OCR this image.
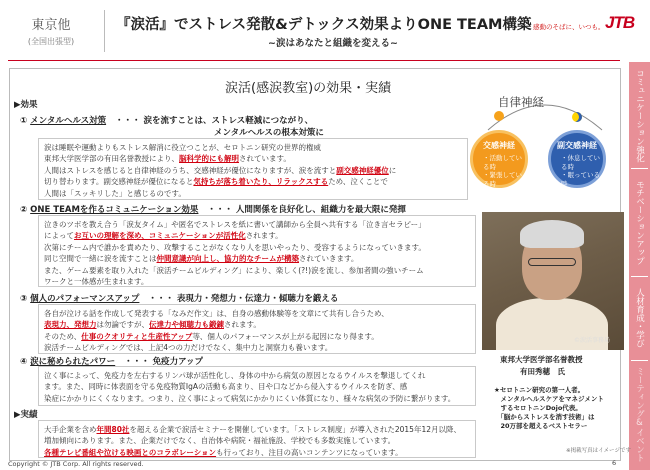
東京他
(全国出張型)
『涙活』でストレス発散&デトックス効果よりONE TEAM構築
~涙はあなたと組織を変える~
感動のそばに、いつも。 JTB
コミュニケーション強化
モチベーションアップ
人材育成・学び
ミーティング&イベント
涙活(感涙教室)の効果・実績
▶効果
① メンタルヘルス対策 ・・・ 涙を流すことは、ストレス軽減につながり、
メンタルヘルスの根本対策に

涙は睡眠や運動よりもストレス解消に役立つことが、セロトニン研究の世界的権威

東邦大学医学部の有田名誉教授により、脳科学的にも解明されています。

人間はストレスを感じると自律神経のうち、交感神経が優位になりますが、涙を流すと副交感神経優位に

切り替わります。副交感神経が優位になると気持ちが落ち着いたり、リラックスするため、泣くことで

人間は「スッキリした」と感じるのです。

② ONE TEAMを作るコミュニケーション効果 ・・・ 人間関係を良好化し、組織力を最大限に発揮

泣きのツボを教え合う「涙友タイム」や匿名でストレスを紙に書いて講師から全員へ共有する「泣き言セラピー」

によってお互いの理解を深め、コミュニケーションが活性化されます。

次第にチーム内で誰かを責めたり、攻撃することがなくなり人を思いやったり、受容するようになっていきます。

同じ空間で一緒に涙を流すことは仲間意識が向上し、協力的なチームが構築されていきます。

また、ゲーム要素を取り入れた「涙活チームビルディング」により、楽しく(?!)涙を流し、参加者間の強いチーム

ワークと一体感が生まれます。

③ 個人のパフォーマンスアップ ・・・ 表現力・発想力・伝達力・傾聴力を鍛える

各自が泣ける話を作成して発表する「なみだ作文」は、自身の感動体験等を文章にて共有し合うため、

表現力、発想力は勿論ですが、伝達力や傾聴力も鍛錬されます。

そのため、仕事のクオリティと生産性アップ等、個人のパフォーマンスが上がる起因になり得ます。

涙活チームビルディングでは、上記4つの力だけでなく、集中力と洞察力も養います。

④ 涙に秘められたパワー ・・・ 免疫力アップ

泣く事によって、免疫力を左右するリンパ球が活性化し、身体の中から病気の原因となるウイルスを撃退してくれ

ます。また、同時に体表面を守る免疫物質IgAの活動も高まり、目や口などから侵入するウイルスを防ぎ、感

染症にかかりにくくなります。つまり、泣く事によって病気にかかりにくい体質になり、様々な病気の予防に繋がります。

▶実績

大手企業を含め年間80社を超える企業で涙活セミナーを開催しています。「ストレス制度」が導入された2015年12月以降、

増加傾向にあります。また、企業だけでなく、自治体や病院・福祉施設、学校でも多数実施しています。

各種テレビ番組や泣ける映画とのコラボレーションも行っており、注目の高いコンテンツになっています。

自律神経
交感神経
・活動している時
・緊張している時
・ストレスを
感じている時
副交感神経
・休息している時
・眠っている時
・リラックス
している時
©涙活事務局
東邦大学医学部名誉教授
有田秀穂　氏
★セロトニン研究の第一人者。
　メンタルヘルスケアをマネジメント
　するセロトニンDojo代表。
　「脳からストレスを消す技術」は
　20万部を超えるベストセラー
※掲載写真はイメージです
Copyright © JTB Corp. All rights reserved.	6
